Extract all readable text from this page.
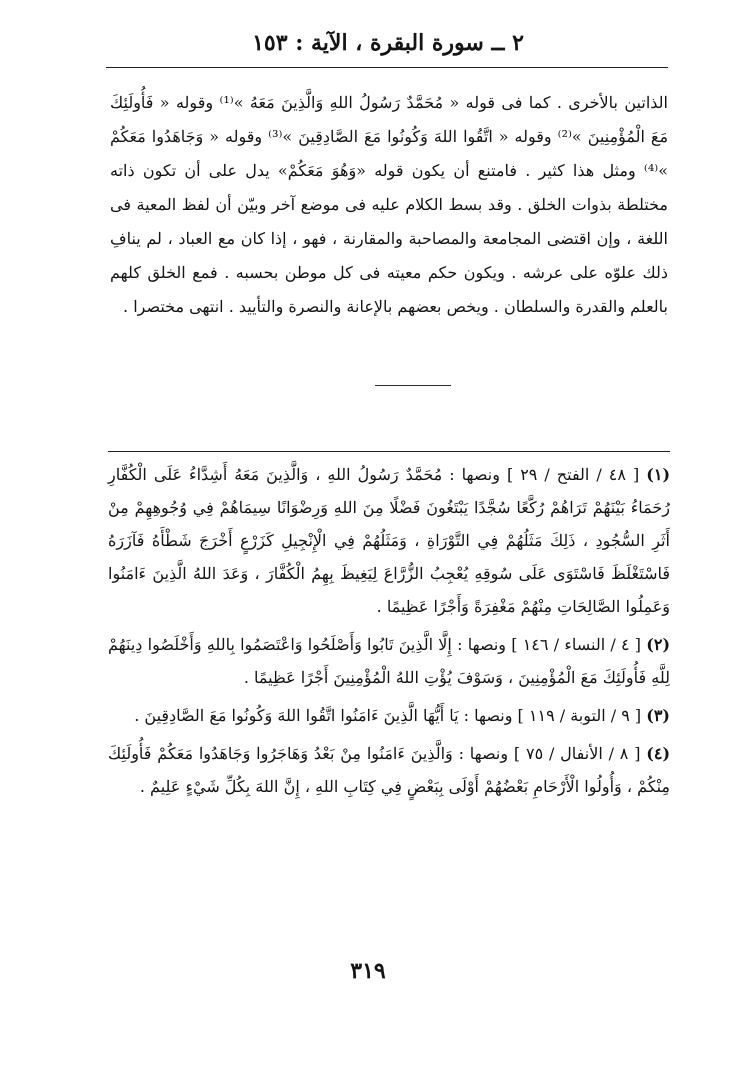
٢ ــ سورة البقرة ، الآية : ١٥٣
الذاتين بالأخرى . كما فى قوله « مُحَمَّدٌ رَسُولُ اللهِ وَالَّذِينَ مَعَهُ »⁽¹⁾ وقوله « فَأُولَئِكَ مَعَ الْمُؤْمِنِينَ »⁽²⁾ وقوله « اتَّقُوا اللهَ وَكُونُوا مَعَ الصَّادِقِينَ »⁽³⁾ وقوله « وَجَاهَدُوا مَعَكُمْ »⁽⁴⁾ ومثل هذا كثير . فامتنع أن يكون قوله «وَهُوَ مَعَكُمْ» يدل على أن تكون ذاته مختلطة بذوات الخلق . وقد بسط الكلام عليه فى موضع آخر وبيّن أن لفظ المعية فى اللغة ، وإن اقتضى المجامعة والمصاحبة والمقارنة ، فهو ، إذا كان مع العباد ، لم ينافِ ذلك علوّه على عرشه . ويكون حكم معيته فى كل موطن بحسبه . فمع الخلق كلهم بالعلم والقدرة والسلطان . ويخص بعضهم بالإعانة والنصرة والتأييد . انتهى مختصرا .

(١) [ ٤٨ / الفتح / ٢٩ ] ونصها : مُحَمَّدٌ رَسُولُ اللهِ ، وَالَّذِينَ مَعَهُ أَشِدَّاءُ عَلَى الْكُفَّارِ رُحَمَاءُ بَيْنَهُمْ تَرَاهُمْ رُكَّعًا سُجَّدًا يَبْتَغُونَ فَضْلًا مِنَ اللهِ وَرِضْوَانًا سِيمَاهُمْ فِي وُجُوهِهِمْ مِنْ أَثَرِ السُّجُودِ ، ذَلِكَ مَثَلُهُمْ فِي التَّوْرَاةِ ، وَمَثَلُهُمْ فِي الْإِنْجِيلِ كَزَرْعٍ أَخْرَجَ شَطْأَهُ فَآزَرَهُ فَاسْتَغْلَظَ فَاسْتَوَى عَلَى سُوقِهِ يُعْجِبُ الزُّرَّاعَ لِيَغِيظَ بِهِمُ الْكُفَّارَ ، وَعَدَ اللهُ الَّذِينَ ءَامَنُوا وَعَمِلُوا الصَّالِحَاتِ مِنْهُمْ مَغْفِرَةً وَأَجْرًا عَظِيمًا .

(٢) [ ٤ / النساء / ١٤٦ ] ونصها : إِلَّا الَّذِينَ تَابُوا وَأَصْلَحُوا وَاعْتَصَمُوا بِاللهِ وَأَخْلَصُوا دِينَهُمْ لِلَّهِ فَأُولَئِكَ مَعَ الْمُؤْمِنِينَ ، وَسَوْفَ يُؤْتِ اللهُ الْمُؤْمِنِينَ أَجْرًا عَظِيمًا .

(٣) [ ٩ / التوبة / ١١٩ ] ونصها : يَا أَيُّهَا الَّذِينَ ءَامَنُوا اتَّقُوا اللهَ وَكُونُوا مَعَ الصَّادِقِينَ .

(٤) [ ٨ / الأنفال / ٧٥ ] ونصها : وَالَّذِينَ ءَامَنُوا مِنْ بَعْدُ وَهَاجَرُوا وَجَاهَدُوا مَعَكُمْ فَأُولَئِكَ مِنْكُمْ ، وَأُولُوا الْأَرْحَامِ بَعْضُهُمْ أَوْلَى بِبَعْضٍ فِي كِتَابِ اللهِ ، إِنَّ اللهَ بِكُلِّ شَيْءٍ عَلِيمٌ .

٣١٩
